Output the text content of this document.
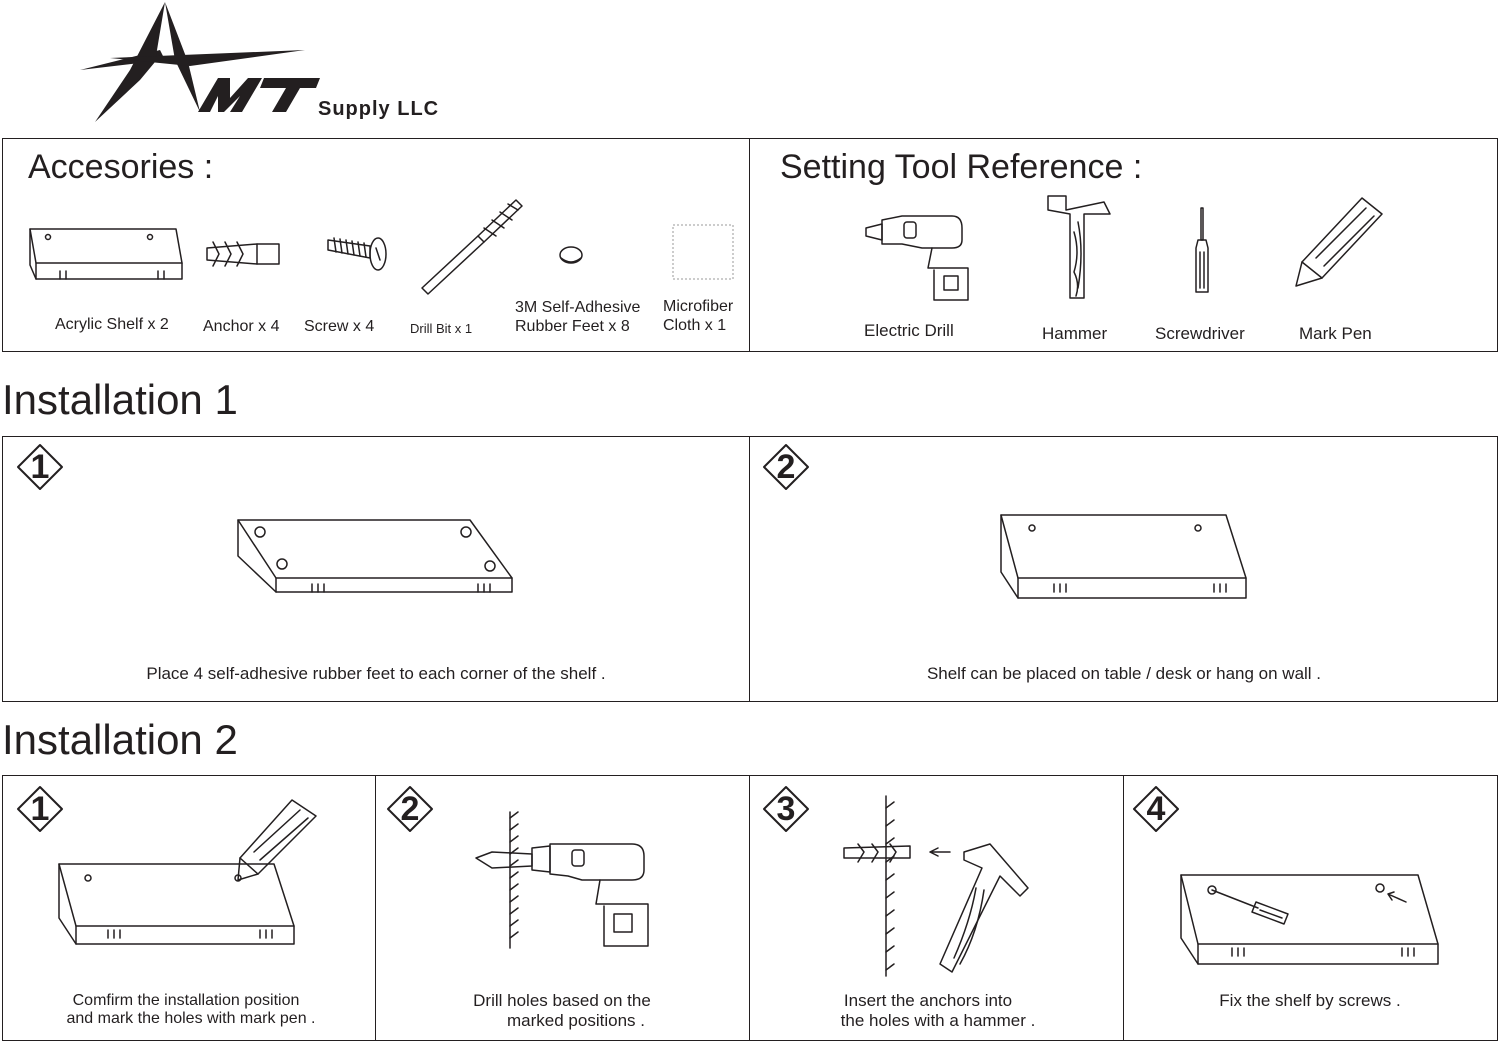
Supply LLC
Accesories :	Setting Tool Reference :
Acrylic Shelf x 2 Anchor x 4 Screw x 4	Drill Bit x 1
3M Self-Adhesive
Rubber Feet x 8
Microfiber
Cloth x 1	Electric Drill	Hammer	Screwdriver	Mark Pen
Installation 1
1	2
Place 4 self-adhesive rubber feet to each corner of the shelf .	Shelf can be placed on table / desk or hang on wall .
Installation 2
1	2	3	4
Comfirm the installation position
and mark the holes with mark pen .
Drill holes based on the
marked positions .
Insert the anchors into
the holes with a hammer .
Fix the shelf by screws .
